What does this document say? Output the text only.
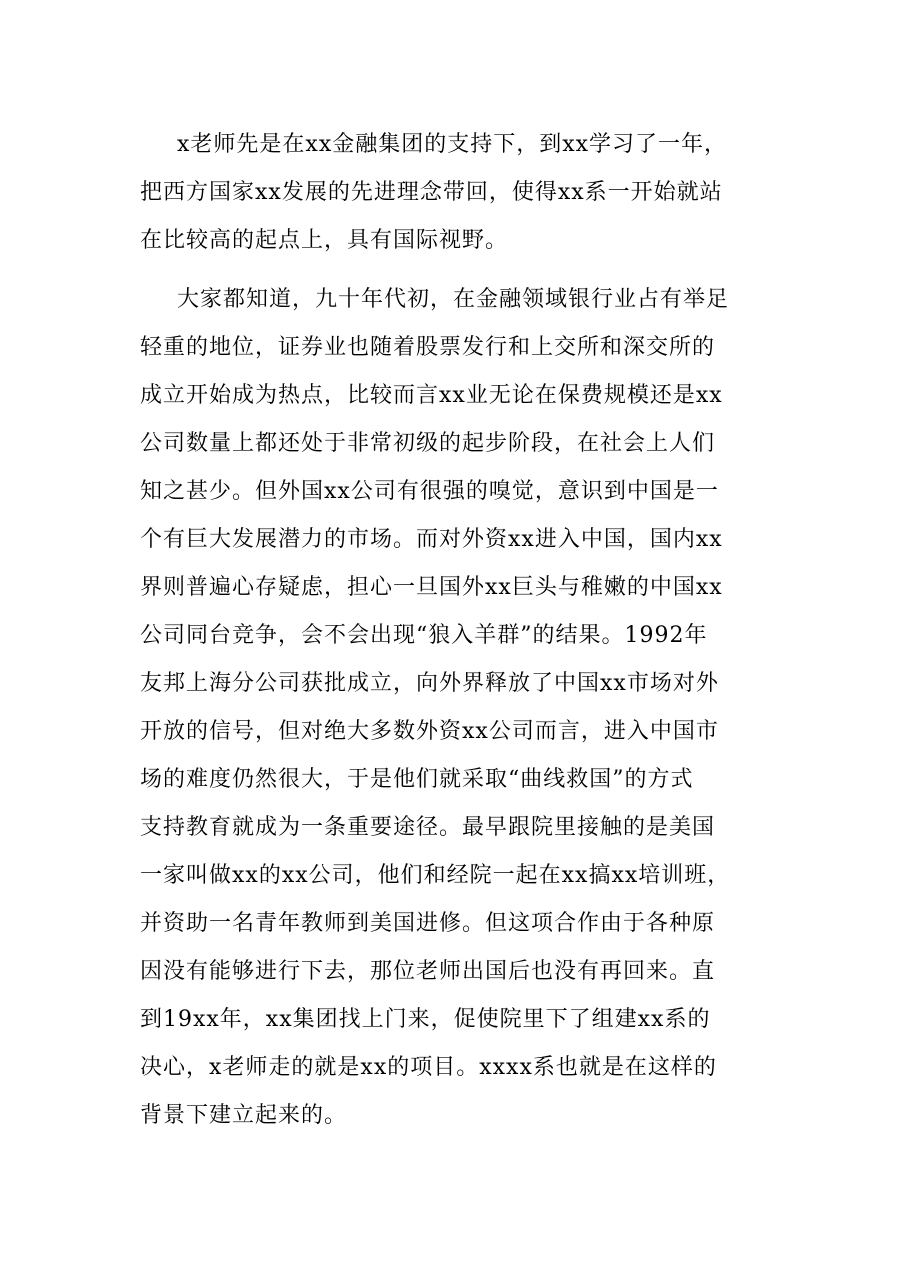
x老师先是在xx金融集团的支持下，到xx学习了一年，
把西方国家xx发展的先进理念带回，使得xx系一开始就站
在比较高的起点上，具有国际视野。
大家都知道，九十年代初，在金融领域银行业占有举足
轻重的地位，证券业也随着股票发行和上交所和深交所的
成立开始成为热点，比较而言xx业无论在保费规模还是xx
公司数量上都还处于非常初级的起步阶段，在社会上人们
知之甚少。但外国xx公司有很强的嗅觉，意识到中国是一
个有巨大发展潜力的市场。而对外资xx进入中国，国内xx
界则普遍心存疑虑，担心一旦国外xx巨头与稚嫩的中国xx
公司同台竞争，会不会出现“狼入羊群”的结果。1992年
友邦上海分公司获批成立，向外界释放了中国xx市场对外
开放的信号，但对绝大多数外资xx公司而言，进入中国市
场的难度仍然很大，于是他们就采取“曲线救国”的方式
支持教育就成为一条重要途径。最早跟院里接触的是美国
一家叫做xx的xx公司，他们和经院一起在xx搞xx培训班，
并资助一名青年教师到美国进修。但这项合作由于各种原
因没有能够进行下去，那位老师出国后也没有再回来。直
到19xx年，xx集团找上门来，促使院里下了组建xx系的
决心，x老师走的就是xx的项目。xxxx系也就是在这样的
背景下建立起来的。
